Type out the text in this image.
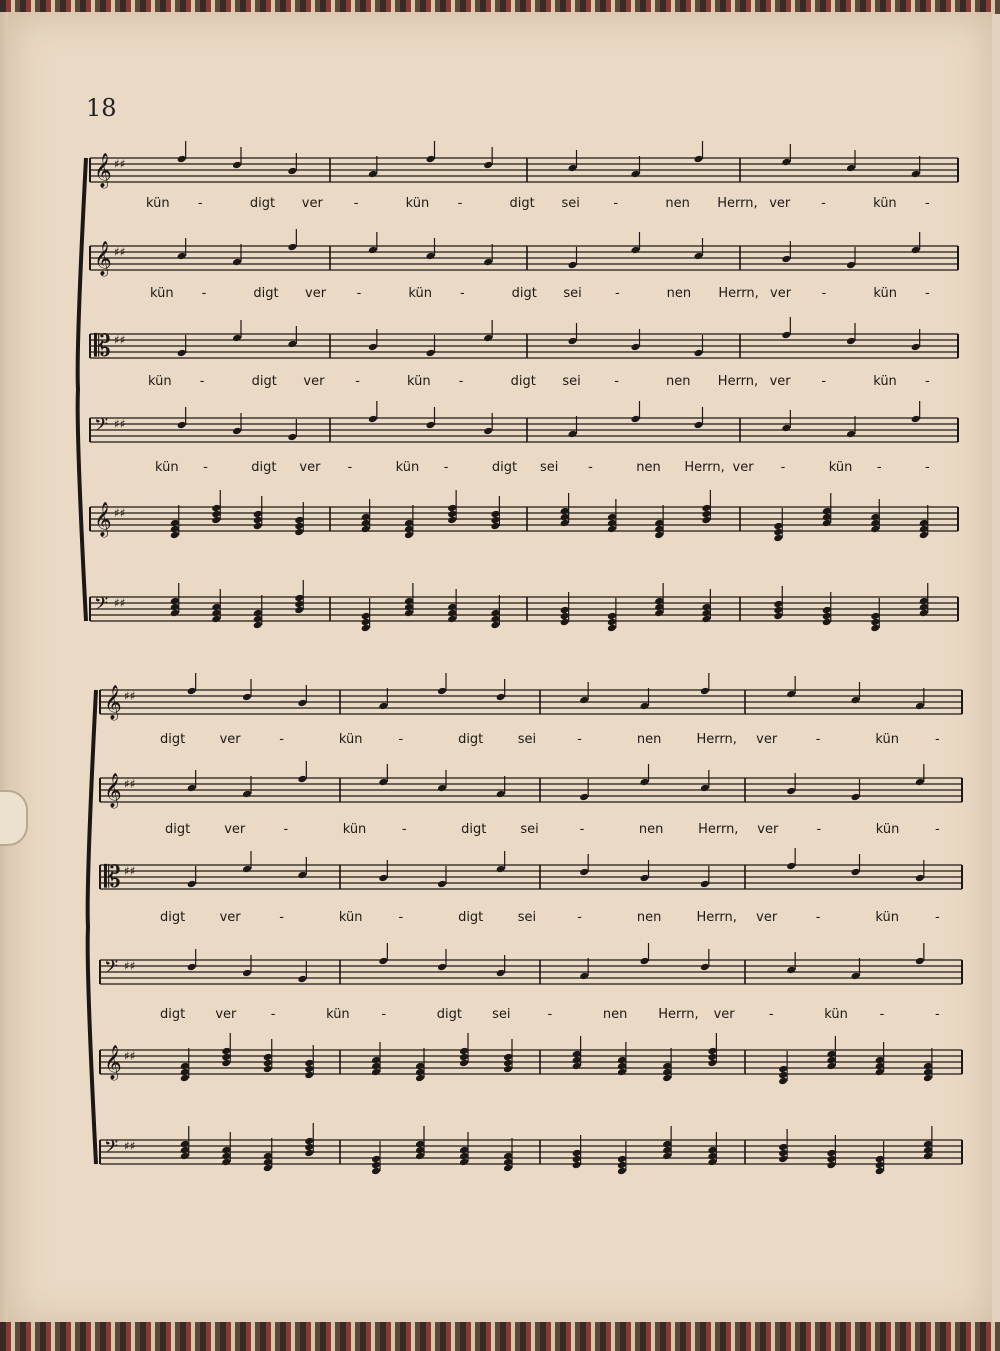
18
𝄞 ♯♯
𝄞 ♯♯
𝄡 ♯♯
𝄢 ♯♯
𝄞 ♯♯
𝄢 ♯♯
𝄞 ♯♯
𝄞 ♯♯
𝄡 ♯♯
𝄢 ♯♯
𝄞 ♯♯
𝄢 ♯♯
kün -	digt ver -	kün -	digt sei	-	nen Herrn, ver -	kün -
kün -	digt ver -	kün -	digt sei	-	nen Herrn, ver -	kün -
kün -	digt ver -	kün -	digt sei	-	nen Herrn, ver -	kün -
kün -	digt ver -	kün -	digt sei -	nen Herrn, ver -	kün -	-
digt	ver	-	kün	-	digt	sei	-	nen	Herrn, ver	-	kün	-
digt	ver	-	kün	-	digt	sei	-	nen	Herrn, ver	-	kün	-
digt	ver	-	kün	-	digt	sei	-	nen	Herrn, ver	-	kün	-
digt ver	-	kün -	digt sei	-	nen Herrn, ver	-	kün -	-
